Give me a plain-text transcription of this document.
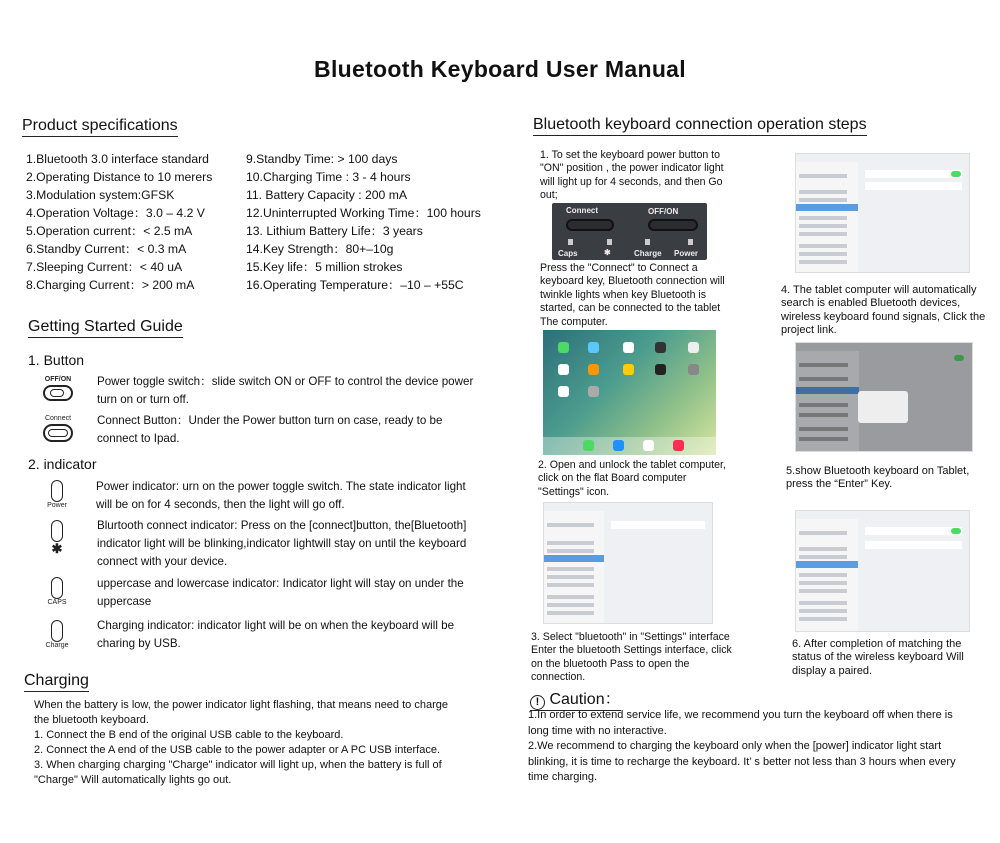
Bluetooth Keyboard User Manual
Product specifications
1.Bluetooth 3.0 interface standard
2.Operating Distance to 10 merers
3.Modulation system:GFSK
4.Operation Voltage：3.0 – 4.2 V
5.Operation current：< 2.5 mA
6.Standby Current：< 0.3 mA
7.Sleeping Current：< 40 uA
8.Charging Current：> 200 mA
9.Standby Time: > 100 days
10.Charging Time : 3 - 4 hours
11. Battery Capacity : 200 mA
12.Uninterrupted Working Time：100 hours
13. Lithium Battery Life：3 years
14.Key Strength：80+–10g
15.Key life：5 million strokes
16.Operating Temperature：–10 – +55C
Getting Started Guide
1. Button
OFF/ON	Power toggle switch：slide switch ON or OFF to control the device power turn on or turn off.
Connect	Connect Button：Under the Power button turn on case, ready to be connect to Ipad.
2. indicator
Power
Power indicator: urn on the power toggle switch. The state indicator light will be on for 4 seconds, then the light will go off.
✱
Blurtooth connect indicator: Press on the [connect]button, the[Bluetooth] indicator light will be blinking,indicator lightwill stay on until the keyboard connect with your device.
CAPS
uppercase and lowercase indicator: Indicator light will stay on under the uppercase
Charge
Charging indicator: indicator light will be on when the keyboard will be charing by USB.
Charging
When the battery is low, the power indicator light flashing, that means need to charge the bluetooth keyboard.
1. Connect the B end of the original USB cable to the keyboard.
2. Connect the A end of the USB cable to the power adapter or A PC USB interface.
3. When charging charging "Charge" indicator will light up, when the battery is full of "Charge" Will automatically lights go out.
Bluetooth keyboard connection operation steps
1. To set the keyboard power button to "ON" position , the power indicator light will light up for 4 seconds, and then Go out;
Connect	OFF/ON
Caps	✱	Charge Power
Press the "Connect" to Connect a keyboard key, Bluetooth connection will twinkle lights when key Bluetooth is started, can be connected to the tablet The computer.
2. Open and unlock the tablet computer, click on the flat Board computer "Settings" icon.
3. Select "bluetooth" in "Settings" interface Enter the bluetooth Settings interface, click on the bluetooth Pass to open the connection.
4. The tablet computer will automatically search is enabled Bluetooth devices, wireless keyboard found signals, Click the project link.
5.show Bluetooth keyboard on Tablet, press the “Enter” Key.
6. After completion of matching the status of the wireless keyboard Will display a paired.
! Caution：
1.In order to extend service life, we recommend you turn the keyboard off when there is long time with no interactive.
2.We recommend to charging the keyboard only when the [power] indicator light start blinking, it is time to recharge the keyboard. It’ s better not less than 3 hours when every time charging.
